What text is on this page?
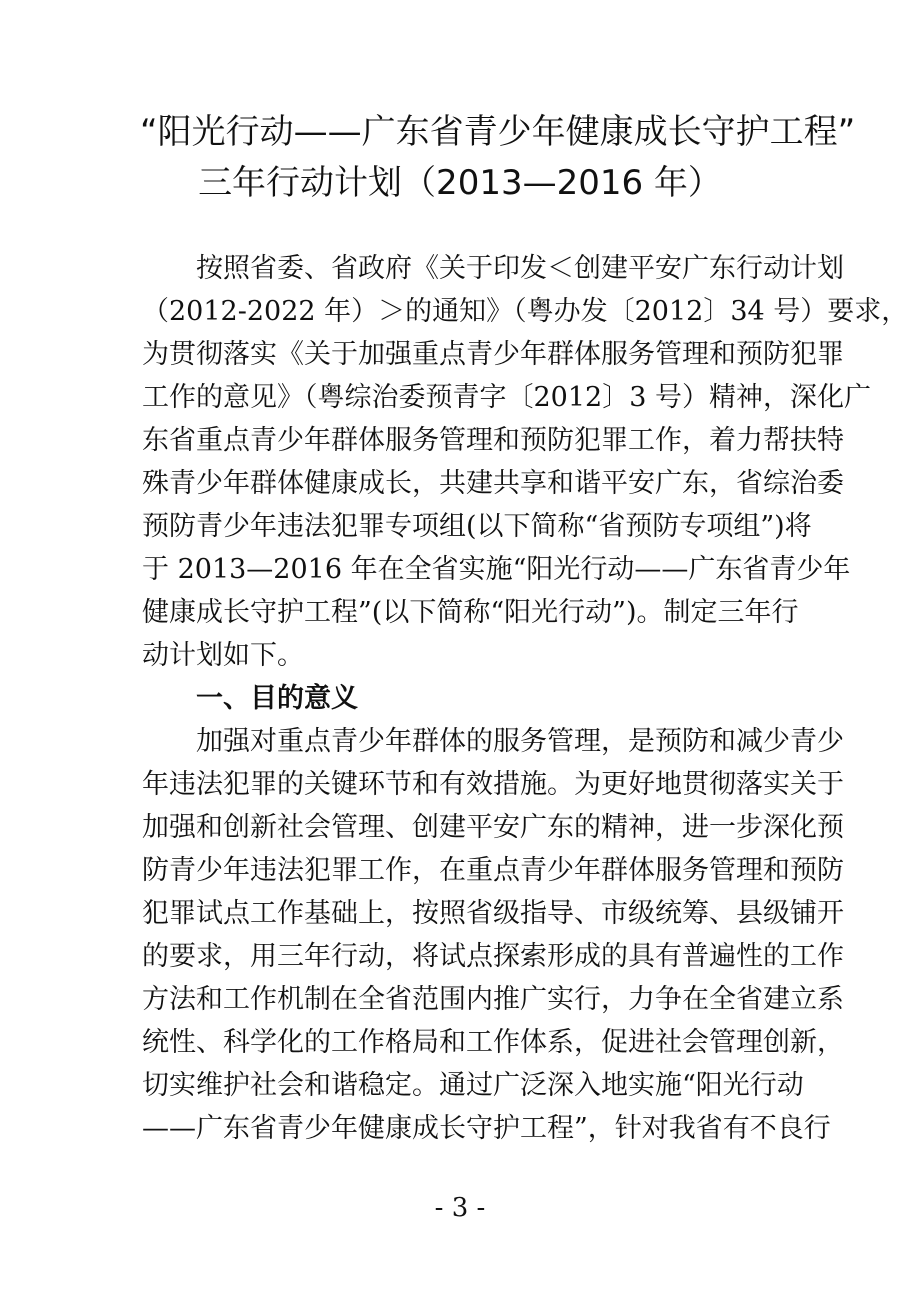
“阳光行动——广东省青少年健康成长守护工程”
三年行动计划（2013—2016 年）
按照省委、省政府《关于印发＜创建平安广东行动计划
（2012-2022 年）＞的通知》（粤办发〔2012〕34 号）要求，
为贯彻落实《关于加强重点青少年群体服务管理和预防犯罪
工作的意见》（粤综治委预青字〔2012〕3 号）精神，深化广
东省重点青少年群体服务管理和预防犯罪工作，着力帮扶特
殊青少年群体健康成长，共建共享和谐平安广东，省综治委
预防青少年违法犯罪专项组(以下简称“省预防专项组”)将
于 2013—2016 年在全省实施“阳光行动——广东省青少年
健康成长守护工程”(以下简称“阳光行动”)。制定三年行
动计划如下。
一、目的意义
加强对重点青少年群体的服务管理，是预防和减少青少
年违法犯罪的关键环节和有效措施。为更好地贯彻落实关于
加强和创新社会管理、创建平安广东的精神，进一步深化预
防青少年违法犯罪工作，在重点青少年群体服务管理和预防
犯罪试点工作基础上，按照省级指导、市级统筹、县级铺开
的要求，用三年行动，将试点探索形成的具有普遍性的工作
方法和工作机制在全省范围内推广实行，力争在全省建立系
统性、科学化的工作格局和工作体系，促进社会管理创新，
切实维护社会和谐稳定。通过广泛深入地实施“阳光行动
——广东省青少年健康成长守护工程”，针对我省有不良行
- 3 -
